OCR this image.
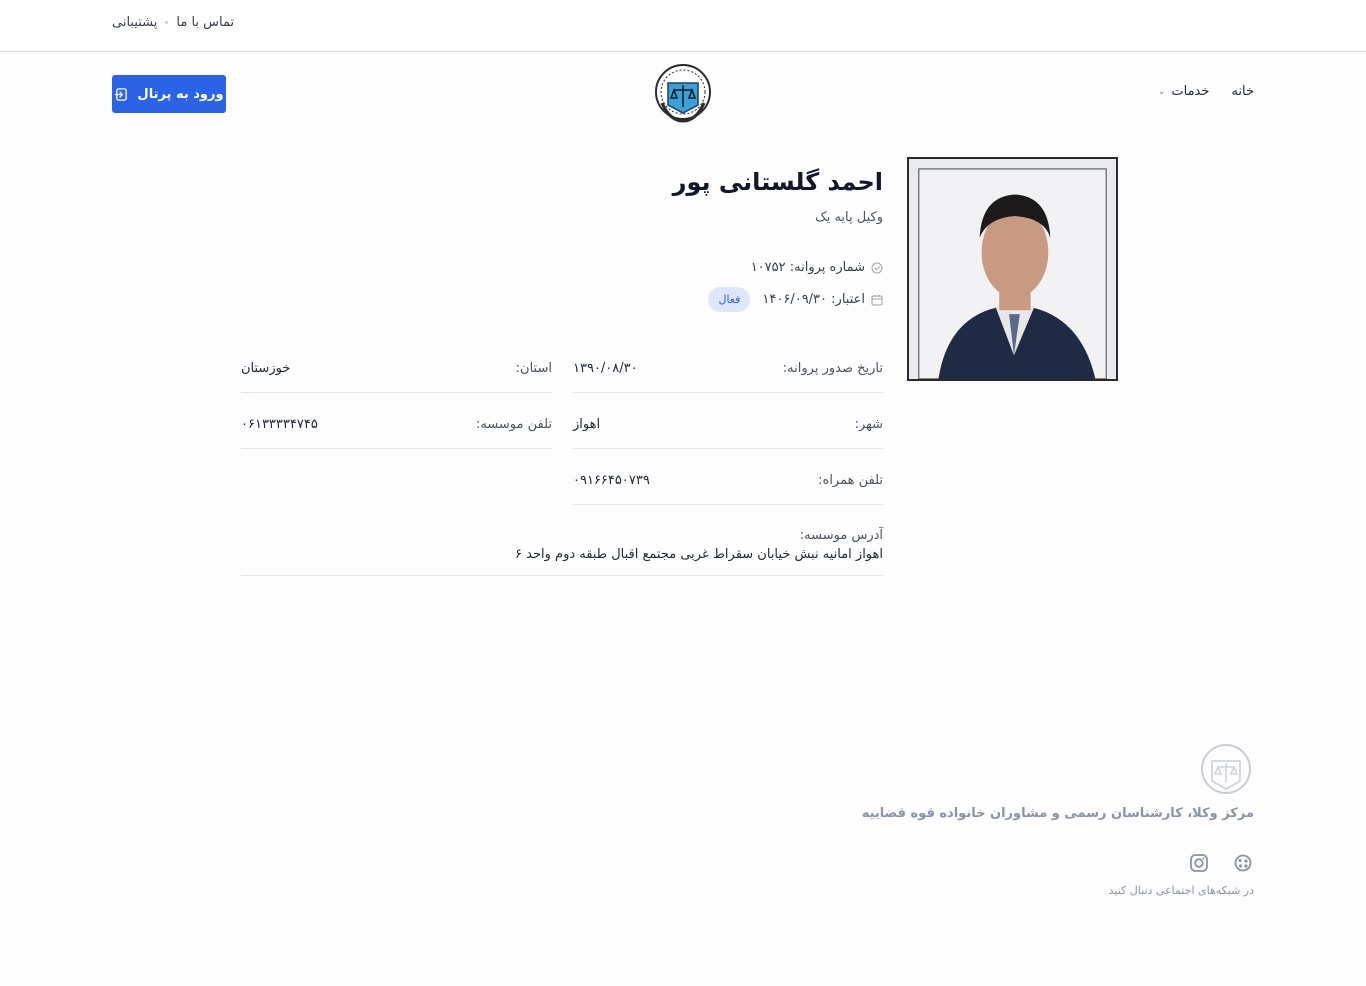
پشتیبانی تماس با ما
خانه
خدمات
⌄
ورود به پرتال
احمد گلستانی پور
وکیل پایه یک
شماره پروانه: ۱۰۷۵۲
اعتبار: ۱۴۰۶/۰۹/۳۰
فعال
تاریخ صدور پروانه:
۱۳۹۰/۰۸/۳۰
استان:
خوزستان
شهر:
اهواز
تلفن موسسه:
۰۶۱۳۳۳۳۴۷۴۵
تلفن همراه:
۰۹۱۶۶۴۵۰۷۳۹
آدرس موسسه:
اهواز امانیه نبش خیابان سقراط غربی مجتمع اقبال طبقه دوم واحد ۶
مرکز وکلا، کارشناسان رسمی و مشاوران خانواده قوه قضاییه
در شبکه‌های اجتماعی دنبال کنید
